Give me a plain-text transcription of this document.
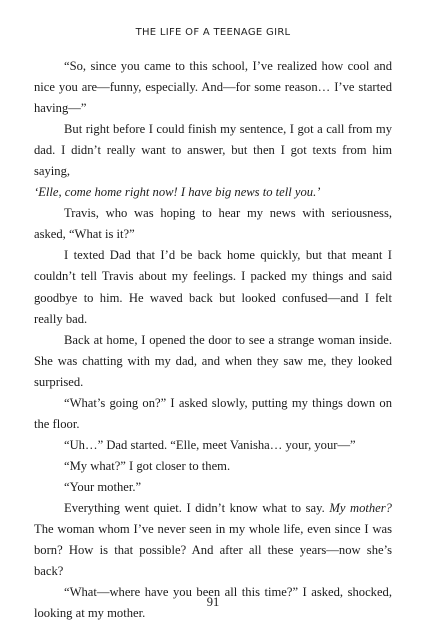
THE LIFE OF A TEENAGE GIRL

“So, since you came to this school, I’ve realized how cool and nice you are—funny, especially. And—for some reason… I’ve started having—”

But right before I could finish my sentence, I got a call from my dad. I didn’t really want to answer, but then I got texts from him saying,

‘Elle, come home right now! I have big news to tell you.’

Travis, who was hoping to hear my news with seriousness, asked, “What is it?”

I texted Dad that I’d be back home quickly, but that meant I couldn’t tell Travis about my feelings. I packed my things and said goodbye to him. He waved back but looked confused—and I felt really bad.

Back at home, I opened the door to see a strange woman inside. She was chatting with my dad, and when they saw me, they looked surprised.

“What’s going on?” I asked slowly, putting my things down on the floor.

“Uh…” Dad started. “Elle, meet Vanisha… your, your—”

“My what?” I got closer to them.

“Your mother.”

Everything went quiet. I didn’t know what to say. My mother? The woman whom I’ve never seen in my whole life, even since I was born? How is that possible? And after all these years—now she’s back?

“What—where have you been all this time?” I asked, shocked, looking at my mother.

91
